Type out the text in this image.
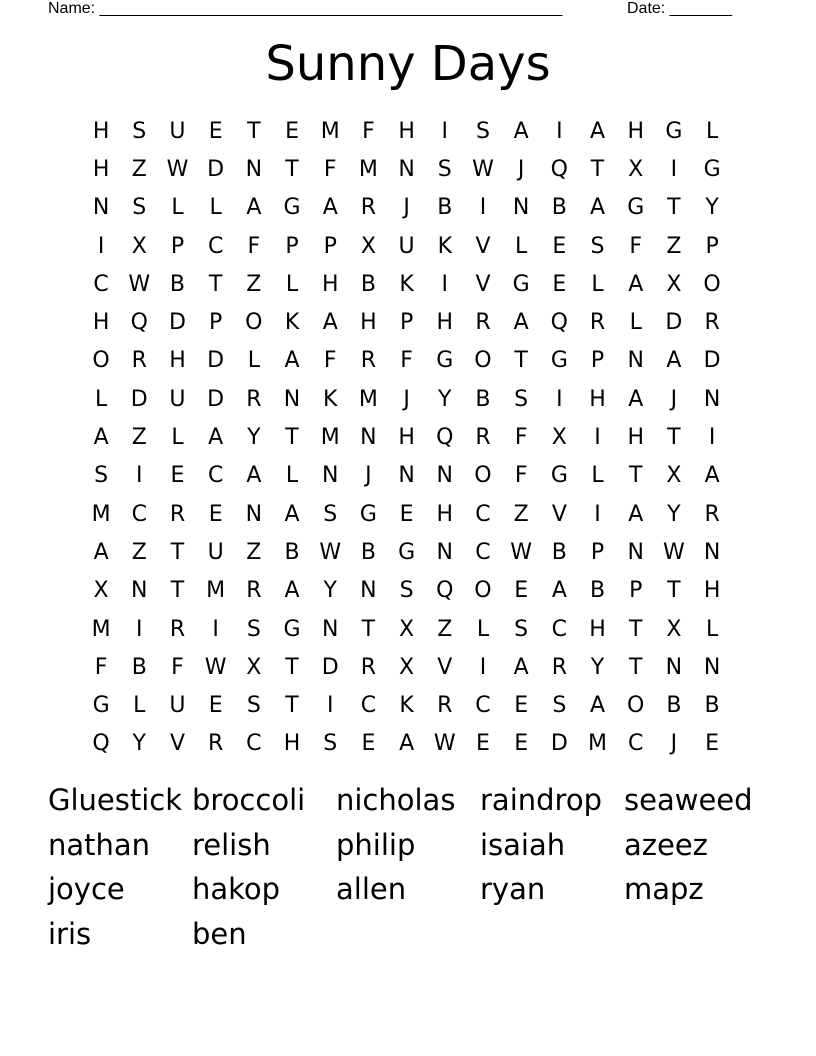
Name: ____________________________________________________	Date: _______
Sunny Days
H	S	U	E	T	E M	F	H	I	S	A	I	A	H G	L
H	Z W D N	T	F	M N	S W	J	Q	T	X	I	G
N	S	L	L	A	G	A	R	J	B	I	N	B	A	G	T	Y
I	X	P	C	F	P	P	X	U	K	V	L	E	S	F	Z	P
C W B	T	Z	L	H	B	K	I	V	G	E	L	A	X O
H Q D	P	O	K	A	H	P	H	R	A Q R	L	D	R
O R	H D	L	A	F	R	F	G O	T	G	P	N	A	D
L	D U D	R	N	K M	J	Y	B	S	I	H	A	J	N
A	Z	L	A	Y	T M N H Q R	F	X	I	H	T	I
S	I	E	C	A	L	N	J	N N O	F	G	L	T	X	A
M C	R	E	N	A	S	G	E	H	C	Z	V	I	A	Y	R
A	Z	T	U	Z	B W B	G N	C W B	P	N W N
X	N	T M R	A	Y	N	S	Q O	E	A	B	P	T	H
M	I	R	I	S	G N	T	X	Z	L	S	C	H	T	X	L
F	B	F W X	T	D	R	X	V	I	A	R	Y	T	N N
G	L	U	E	S	T	I	C	K	R	C	E	S	A O B	B
Q	Y	V	R	C	H	S	E	A W E	E	D M C	J	E
Gluestick broccoli	nicholas raindrop seaweed
nathan	relish	philip	isaiah	azeez
joyce	hakop	allen	ryan	mapz
iris	ben
